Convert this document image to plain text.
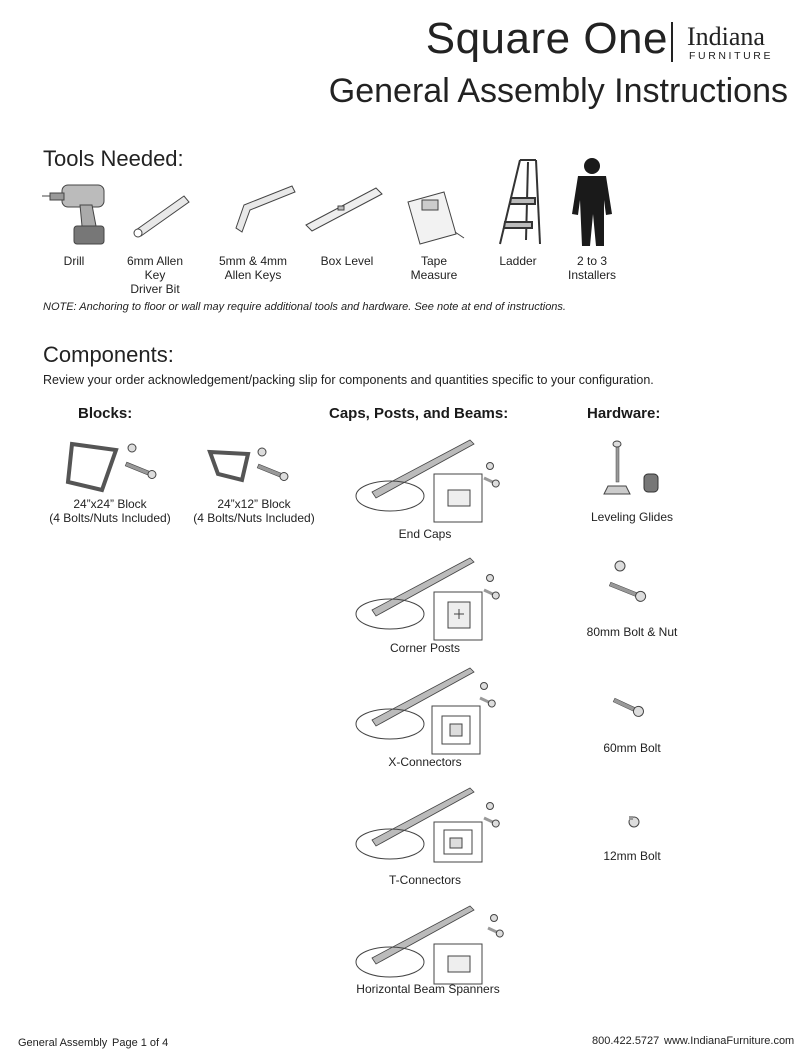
Square One Indiana
FURNITURE
General Assembly Instructions
Tools Needed:
Drill	6mm Allen
Key
Driver Bit
5mm & 4mm
Allen Keys
Box Level	Tape
Measure
Ladder	2 to 3
Installers
NOTE: Anchoring to floor or wall may require additional tools and hardware. See note at end of instructions.
Components:
Review your order acknowledgement/packing slip for components and quantities specific to your configuration.
Blocks:	Caps, Posts, and Beams:	Hardware:
24”x24” Block
(4 Bolts/Nuts Included)
24”x12” Block
(4 Bolts/Nuts Included)
End Caps
Corner Posts
X-Connectors
T-Connectors
Horizontal Beam Spanners
Leveling Glides
80mm Bolt & Nut
60mm Bolt
12mm Bolt
General Assembly Page 1 of 4	800.422.5727 www.IndianaFurniture.com
